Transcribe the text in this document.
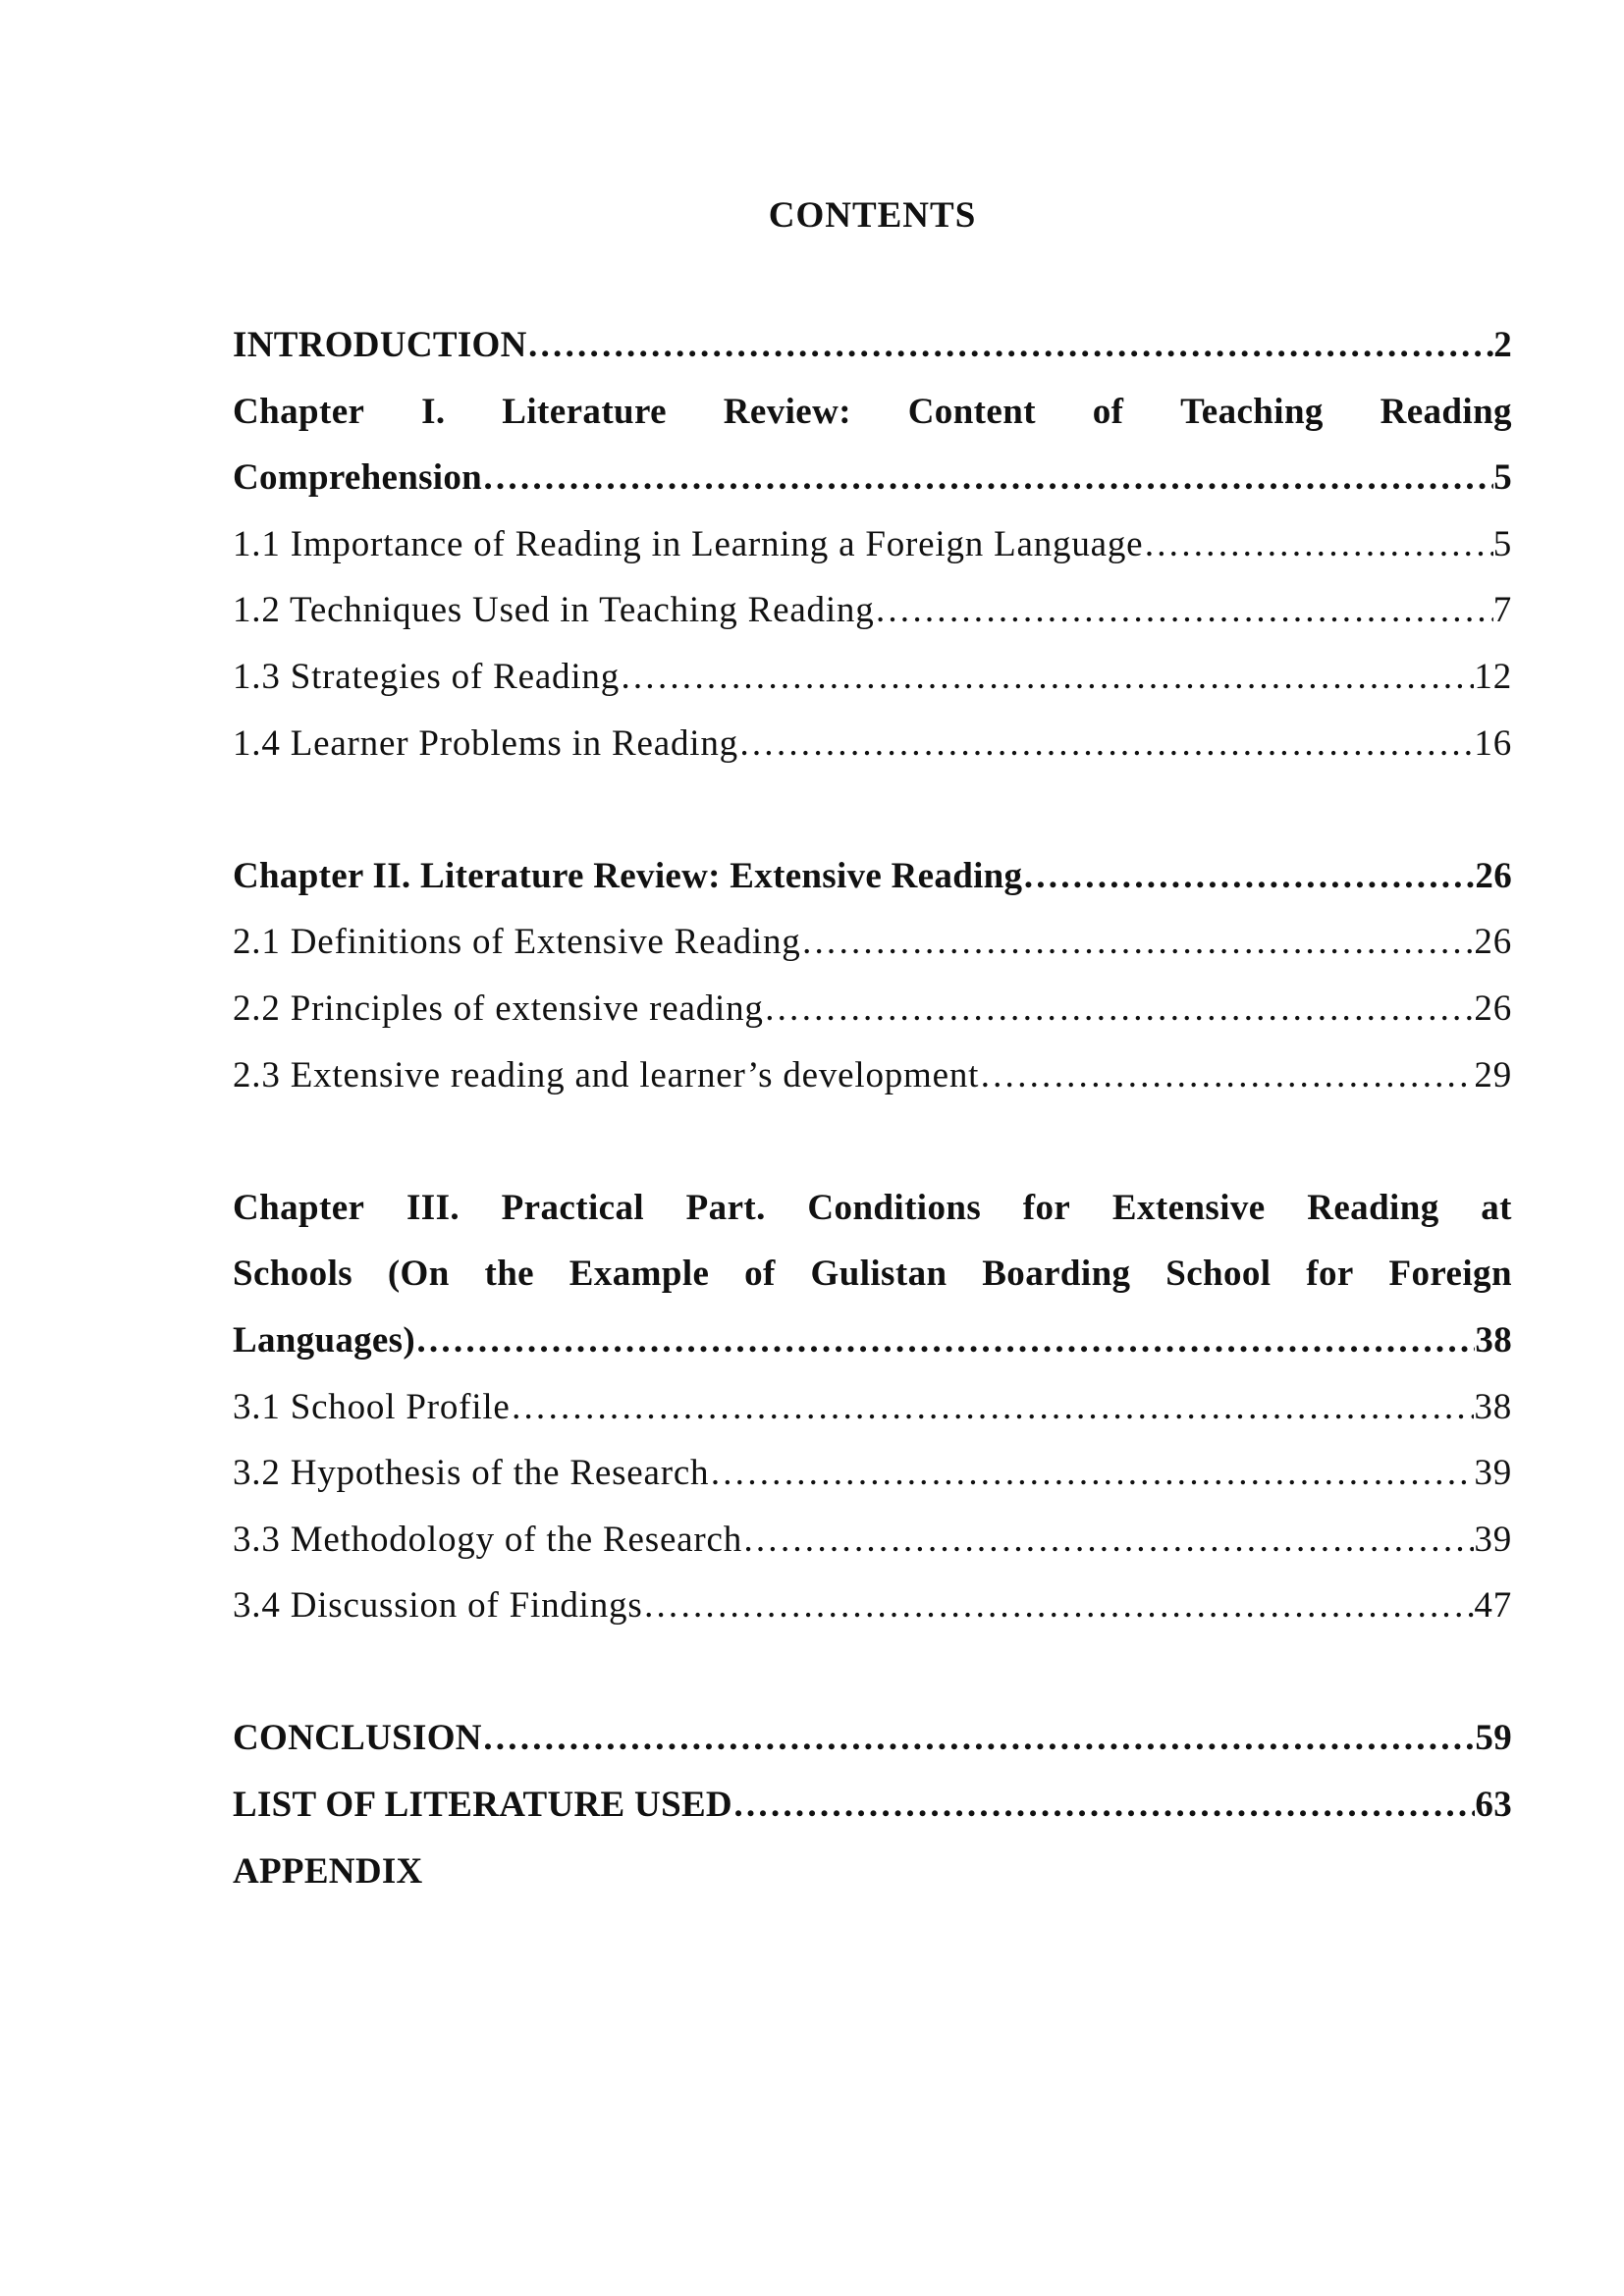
CONTENTS
INTRODUCTION ………………………………………………………………………………………………………………………………………………………………………………	2
Chapter I. Literature Review: Content of Teaching Reading
Comprehension ………………………………………………………………………………………………………………………………………………………………………………	5
1.1 Importance of Reading in Learning a Foreign Language ………………………………………………………………………………………………………………………………………………………………………………	5
1.2 Techniques Used in Teaching Reading ………………………………………………………………………………………………………………………………………………………………………………	7
1.3 Strategies of Reading ………………………………………………………………………………………………………………………………………………………………………………	12
1.4 Learner Problems in Reading ………………………………………………………………………………………………………………………………………………………………………………	16
Chapter II. Literature Review: Extensive Reading ………………………………………………………………………………………………………………………………………………………………………………	26
2.1 Definitions of Extensive Reading ………………………………………………………………………………………………………………………………………………………………………………	26
2.2 Principles of extensive reading ………………………………………………………………………………………………………………………………………………………………………………	26
2.3 Extensive reading and learner’s development ………………………………………………………………………………………………………………………………………………………………………………	29
Chapter III. Practical Part. Conditions for Extensive Reading at
Schools (On the Example of Gulistan Boarding School for Foreign
Languages) ………………………………………………………………………………………………………………………………………………………………………………	38
3.1 School Profile ………………………………………………………………………………………………………………………………………………………………………………	38
3.2 Hypothesis of the Research ………………………………………………………………………………………………………………………………………………………………………………	39
3.3 Methodology of the Research ………………………………………………………………………………………………………………………………………………………………………………	39
3.4 Discussion of Findings ………………………………………………………………………………………………………………………………………………………………………………	47
CONCLUSION ………………………………………………………………………………………………………………………………………………………………………………	59
LIST OF LITERATURE USED ………………………………………………………………………………………………………………………………………………………………………………	63
APPENDIX
